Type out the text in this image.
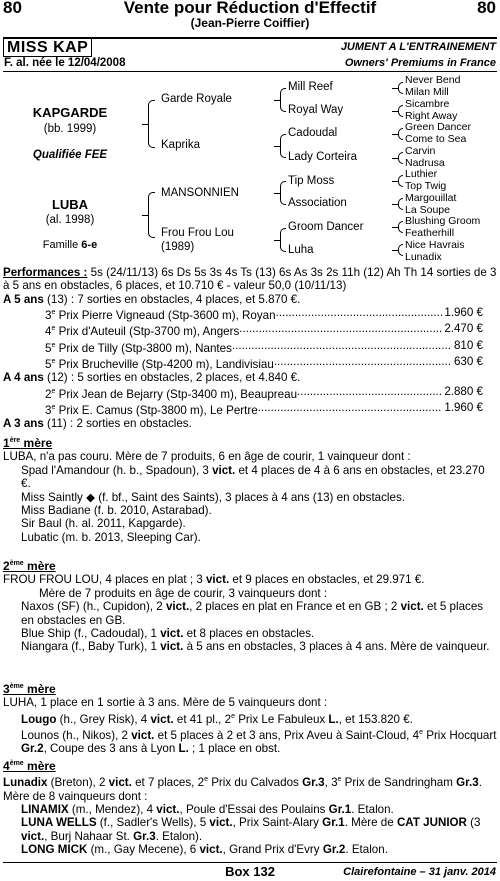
80	Vente pour Réduction d'Effectif	80
(Jean-Pierre Coiffier)
MISS KAP	JUMENT A L'ENTRAINEMENT
F. al. née le 12/04/2008	Owners' Premiums in France
KAPGARDE
(bb. 1999)
Qualifiée FEE
LUBA
(al. 1998)
Famille 6-e
Garde Royale
Kaprika
MANSONNIEN
Frou Frou Lou
(1989)
Mill Reef
Royal Way
Cadoudal
Lady Corteira
Tip Moss
Association
Groom Dancer
Luha
Never Bend
Milan Mill
Sicambre
Right Away
Green Dancer
Come to Sea
Carvin
Nadrusa
Luthier
Top Twig
Margouillat
La Soupe
Blushing Groom
Featherhill
Nice Havrais
Lunadix

Performances : 5s (24/11/13) 6s Ds 5s 3s 4s Ts (13) 6s As 3s 2s 11h (12) Ah Th 14 sorties de 3 à 5 ans en obstacles, 6 places, et 10.710 € - valeur 50,0 (10/11/13)

A 5 ans (13) : 7 sorties en obstacles, 4 places, et 5.870 €.

3e Prix Pierre Vigneaud (Stp-3600 m), Royan .....	1.960 €
4e Prix d'Auteuil (Stp-3700 m), Angers .....	2.470 €
5e Prix de Tilly (Stp-3800 m), Nantes .....	810 €
5e Prix Brucheville (Stp-4200 m), Landivisiau .....	630 €

A 4 ans (12) : 5 sorties en obstacles, 2 places, et 4.840 €.

2e Prix Jean de Bejarry (Stp-3400 m), Beaupreau .....	2.880 €
3e Prix E. Camus (Stp-3800 m), Le Pertre .....	1.960 €

A 3 ans (11) : 2 sorties en obstacles.

1ère mère

LUBA, n'a pas couru. Mère de 7 produits, 6 en âge de courir, 1 vainqueur dont :

Spad l'Amandour (h. b., Spadoun), 3 vict. et 4 places de 4 à 6 ans en obstacles, et 23.270 €.

Miss Saintly ◆ (f. bf., Saint des Saints), 3 places à 4 ans (13) en obstacles.

Miss Badiane (f. b. 2010, Astarabad).

Sir Baul (h. al. 2011, Kapgarde).

Lubatic (m. b. 2013, Sleeping Car).

2ème mère

FROU FROU LOU, 4 places en plat ; 3 vict. et 9 places en obstacles, et 29.971 €.

Mère de 7 produits en âge de courir, 3 vainqueurs dont :

Naxos (SF) (h., Cupidon), 2 vict., 2 places en plat en France et en GB ; 2 vict. et 5 places en obstacles en GB.

Blue Ship (f., Cadoudal), 1 vict. et 8 places en obstacles.

Niangara (f., Baby Turk), 1 vict. à 5 ans en obstacles, 3 places à 4 ans. Mère de vainqueur.

3ème mère

LUHA, 1 place en 1 sortie à 3 ans. Mère de 5 vainqueurs dont :

Lougo (h., Grey Risk), 4 vict. et 41 pl., 2e Prix Le Fabuleux L., et 153.820 €.

Lounos (h., Nikos), 2 vict. et 5 places à 2 et 3 ans, Prix Aveu à Saint-Cloud, 4e Prix Hocquart Gr.2, Coupe des 3 ans à Lyon L. ; 1 place en obst.

4ème mère

Lunadix (Breton), 2 vict. et 7 places, 2e Prix du Calvados Gr.3, 3e Prix de Sandringham Gr.3. Mère de 8 vainqueurs dont :

LINAMIX (m., Mendez), 4 vict., Poule d'Essai des Poulains Gr.1. Etalon.

LUNA WELLS (f., Sadler's Wells), 5 vict., Prix Saint-Alary Gr.1. Mère de CAT JUNIOR (3 vict., Burj Nahaar St. Gr.3. Etalon).

LONG MICK (m., Gay Mecene), 6 vict., Grand Prix d'Evry Gr.2. Etalon.

Box 132	Clairefontaine – 31 janv. 2014
